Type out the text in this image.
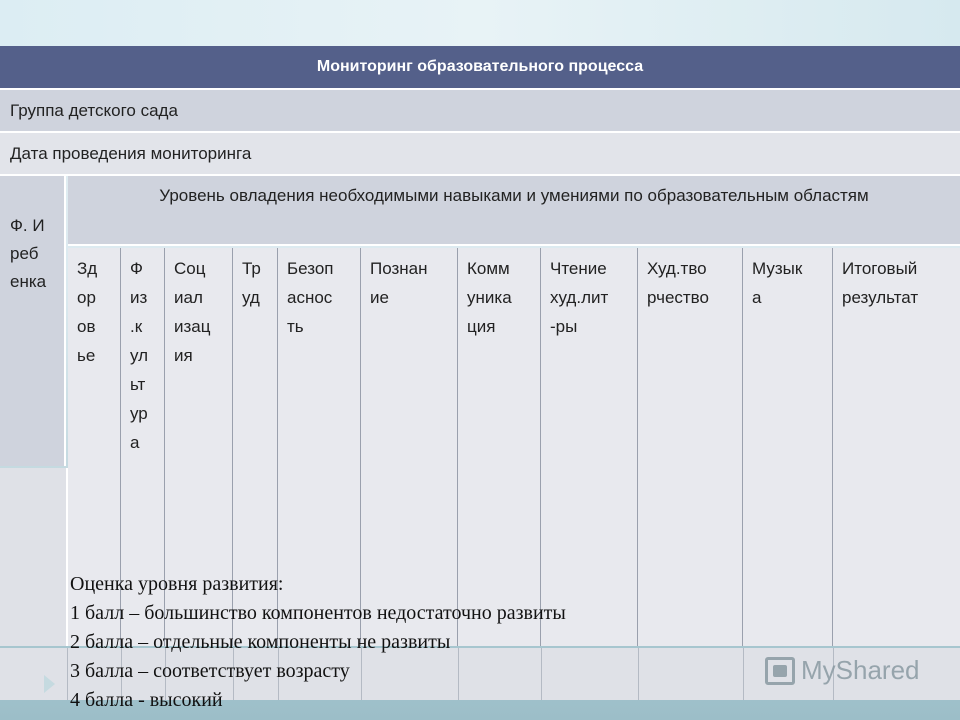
Мониторинг образовательного процесса
Группа детского сада
Дата проведения мониторинга

Ф. И
реб
енка

Уровень овладения необходимыми навыками и умениями по образовательным областям
Зд
ор
ов
ье
Ф
из
.к
ул
ьт
ур
а
Соц
иал
изац
ия
Тр
уд
Безоп
аснос
ть
Познан
ие
Комм
уника
ция
Чтение
худ.лит
-ры
Худ.тво
рчество
Музык
а
Итоговый
результат
Оценка уровня развития:
1 балл – большинство компонентов недостаточно развиты
2 балла – отдельные компоненты не развиты
3 балла – соответствует возрасту
4 балла - высокий
MyShared
